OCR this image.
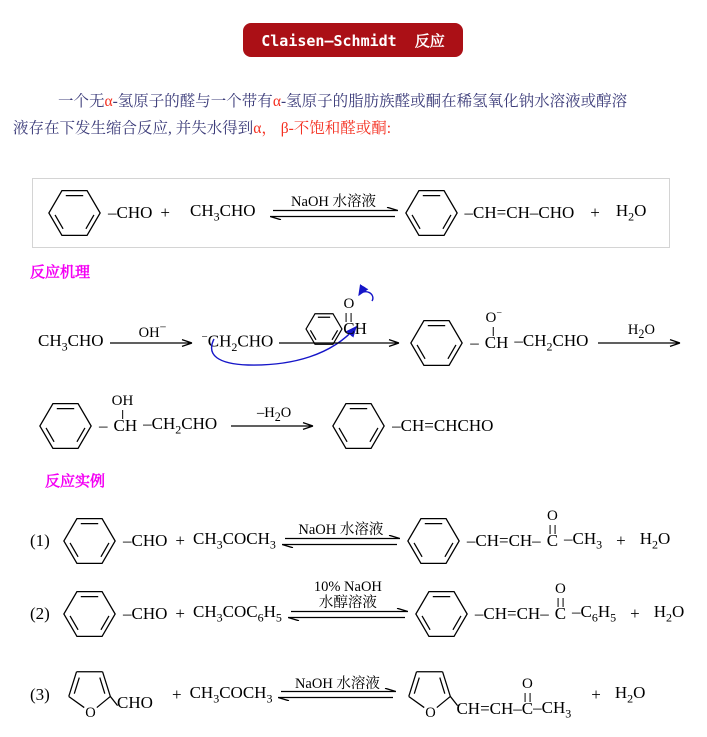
Claisen—Schmidt  反应
一个无α-氢原子的醛与一个带有α-氢原子的脂肪族醛或酮在稀氢氧化钠水溶液或醇溶
液存在下发生缩合反应, 并失水得到α， β-不饱和醛或酮:
$-CHO + CH_3CHO$ NaOH 水溶液
$-CH=CH-CHO + H_2O$
反应机理
$CH_3CHO$ OH−
$^-CH_2CHO$
O
C H
–
O−
CH $-CH_2CHO$
$H_2O$
–
OH
CH $-CH_2CHO$
$-H_2O$
–CH=CHCHO
反应实例
(1)	$-CHO + CH_3COCH_3$
NaOH 水溶液
–CH=CH–
O
C $-CH_3 + H_2O$
(2)	$-CHO + CH_3COC_6H_5$
10% NaOH
水醇溶液
–CH=CH–
O
C $-C_6H_5 + H_2O$
(3)
O
CHO + $CH_3COCH_3$
NaOH 水溶液
O CH=CH–
O
C $-CH_3$
+ $H_2O$
